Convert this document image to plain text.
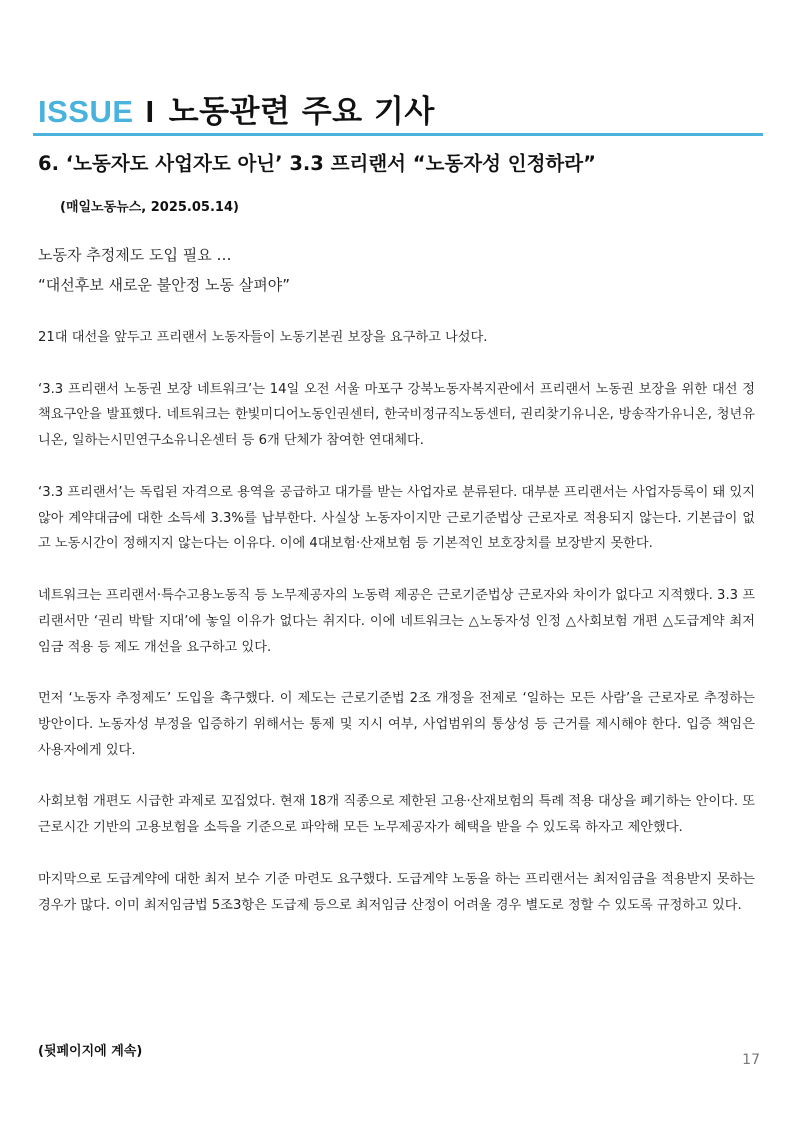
ISSUE I 노동관련 주요 기사
6. ‘노동자도 사업자도 아닌’ 3.3 프리랜서 “노동자성 인정하라”
(매일노동뉴스, 2025.05.14)
노동자 추정제도 도입 필요 …
“대선후보 새로운 불안정 노동 살펴야”

21대 대선을 앞두고 프리랜서 노동자들이 노동기본권 보장을 요구하고 나섰다.

‘3.3 프리랜서 노동권 보장 네트워크’는 14일 오전 서울 마포구 강북노동자복지관에서 프리랜서 노동권 보장을 위한 대선 정책요구안을 발표했다. 네트워크는 한빛미디어노동인권센터, 한국비정규직노동센터, 권리찾기유니온, 방송작가유니온, 청년유니온, 일하는시민연구소유니온센터 등 6개 단체가 참여한 연대체다.

‘3.3 프리랜서’는 독립된 자격으로 용역을 공급하고 대가를 받는 사업자로 분류된다. 대부분 프리랜서는 사업자등록이 돼 있지 않아 계약대금에 대한 소득세 3.3%를 납부한다. 사실상 노동자이지만 근로기준법상 근로자로 적용되지 않는다. 기본급이 없고 노동시간이 정해지지 않는다는 이유다. 이에 4대보험·산재보험 등 기본적인 보호장치를 보장받지 못한다.

네트워크는 프리랜서·특수고용노동직 등 노무제공자의 노동력 제공은 근로기준법상 근로자와 차이가 없다고 지적했다. 3.3 프리랜서만 ‘권리 박탈 지대’에 놓일 이유가 없다는 취지다. 이에 네트워크는 △노동자성 인정 △사회보험 개편 △도급계약 최저임금 적용 등 제도 개선을 요구하고 있다.

먼저 ‘노동자 추정제도’ 도입을 촉구했다. 이 제도는 근로기준법 2조 개정을 전제로 ‘일하는 모든 사람’을 근로자로 추정하는 방안이다. 노동자성 부정을 입증하기 위해서는 통제 및 지시 여부, 사업범위의 통상성 등 근거를 제시해야 한다. 입증 책임은 사용자에게 있다.

사회보험 개편도 시급한 과제로 꼬집었다. 현재 18개 직종으로 제한된 고용·산재보험의 특례 적용 대상을 폐기하는 안이다. 또 근로시간 기반의 고용보험을 소득을 기준으로 파악해 모든 노무제공자가 혜택을 받을 수 있도록 하자고 제안했다.

마지막으로 도급계약에 대한 최저 보수 기준 마련도 요구했다. 도급계약 노동을 하는 프리랜서는 최저임금을 적용받지 못하는 경우가 많다. 이미 최저임금법 5조3항은 도급제 등으로 최저임금 산정이 어려울 경우 별도로 정할 수 있도록 규정하고 있다.

(뒷페이지에 계속)
17
